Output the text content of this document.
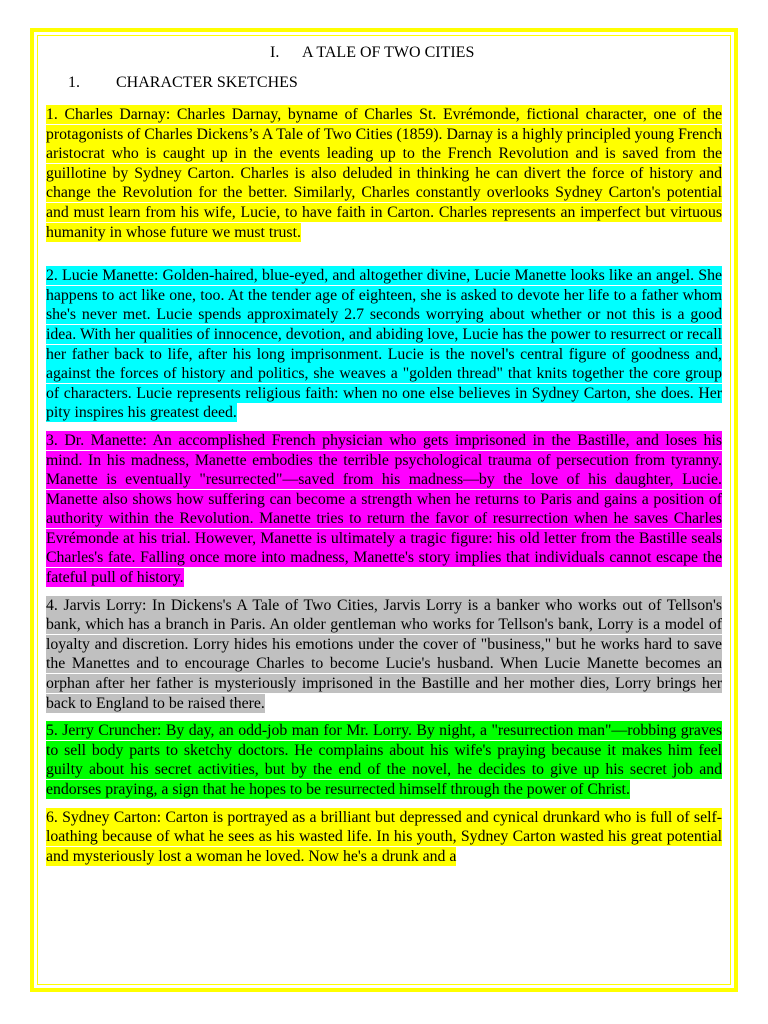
I. A TALE OF TWO CITIES
1. CHARACTER SKETCHES

1. Charles Darnay: Charles Darnay, byname of Charles St. Evrémonde, fictional character, one of the protagonists of Charles Dickens’s A Tale of Two Cities (1859). Darnay is a highly principled young French aristocrat who is caught up in the events leading up to the French Revolution and is saved from the guillotine by Sydney Carton. Charles is also deluded in thinking he can divert the force of history and change the Revolution for the better. Similarly, Charles constantly overlooks Sydney Carton's potential and must learn from his wife, Lucie, to have faith in Carton. Charles represents an imperfect but virtuous humanity in whose future we must trust.

2. Lucie Manette: Golden-haired, blue-eyed, and altogether divine, Lucie Manette looks like an angel. She happens to act like one, too. At the tender age of eighteen, she is asked to devote her life to a father whom she's never met. Lucie spends approximately 2.7 seconds worrying about whether or not this is a good idea. With her qualities of innocence, devotion, and abiding love, Lucie has the power to resurrect or recall her father back to life, after his long imprisonment. Lucie is the novel's central figure of goodness and, against the forces of history and politics, she weaves a "golden thread" that knits together the core group of characters. Lucie represents religious faith: when no one else believes in Sydney Carton, she does. Her pity inspires his greatest deed.

3. Dr. Manette: An accomplished French physician who gets imprisoned in the Bastille, and loses his mind. In his madness, Manette embodies the terrible psychological trauma of persecution from tyranny. Manette is eventually "resurrected"—saved from his madness—by the love of his daughter, Lucie. Manette also shows how suffering can become a strength when he returns to Paris and gains a position of authority within the Revolution. Manette tries to return the favor of resurrection when he saves Charles Evrémonde at his trial. However, Manette is ultimately a tragic figure: his old letter from the Bastille seals Charles's fate. Falling once more into madness, Manette's story implies that individuals cannot escape the fateful pull of history.

4. Jarvis Lorry: In Dickens's A Tale of Two Cities, Jarvis Lorry is a banker who works out of Tellson's bank, which has a branch in Paris. An older gentleman who works for Tellson's bank, Lorry is a model of loyalty and discretion. Lorry hides his emotions under the cover of "business," but he works hard to save the Manettes and to encourage Charles to become Lucie's husband. When Lucie Manette becomes an orphan after her father is mysteriously imprisoned in the Bastille and her mother dies, Lorry brings her back to England to be raised there.

5. Jerry Cruncher: By day, an odd-job man for Mr. Lorry. By night, a "resurrection man"—robbing graves to sell body parts to sketchy doctors. He complains about his wife's praying because it makes him feel guilty about his secret activities, but by the end of the novel, he decides to give up his secret job and endorses praying, a sign that he hopes to be resurrected himself through the power of Christ.

6. Sydney Carton: Carton is portrayed as a brilliant but depressed and cynical drunkard who is full of self-loathing because of what he sees as his wasted life. In his youth, Sydney Carton wasted his great potential and mysteriously lost a woman he loved. Now he's a drunk and a
